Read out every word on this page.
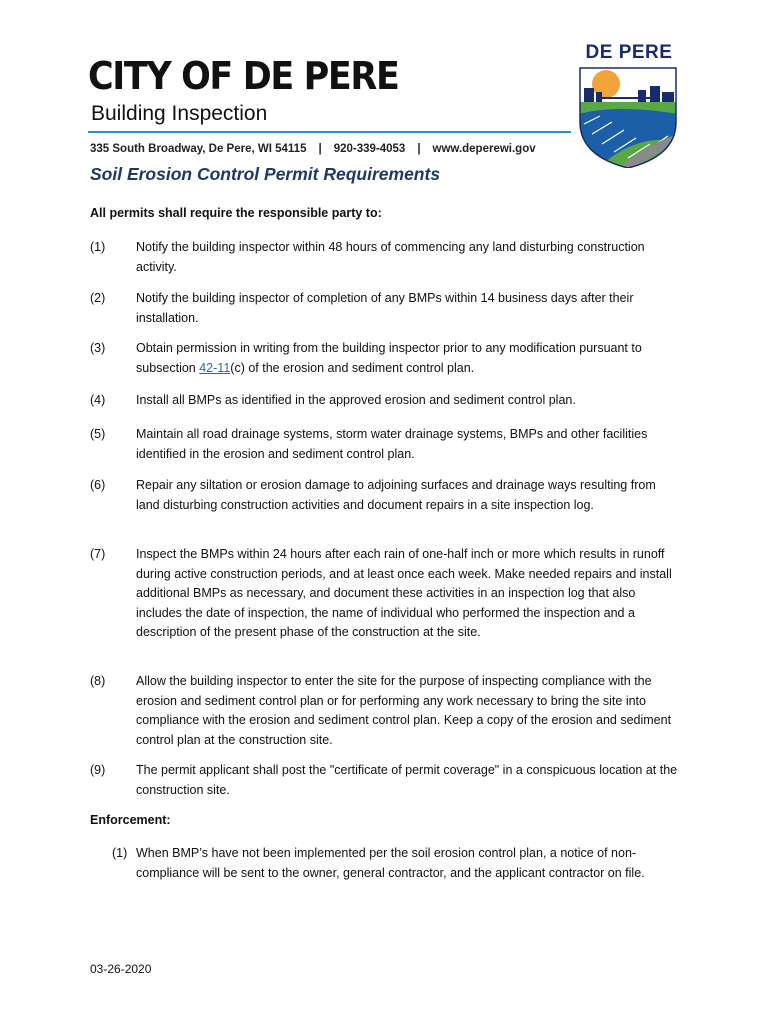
CITY OF DE PERE
Building Inspection
335 South Broadway, De Pere, WI 54115 | 920-339-4053 | www.deperewi.gov
DE PERE
Soil Erosion Control Permit Requirements
All permits shall require the responsible party to:
(1) Notify the building inspector within 48 hours of commencing any land disturbing construction activity.
(2) Notify the building inspector of completion of any BMPs within 14 business days after their installation.
(3) Obtain permission in writing from the building inspector prior to any modification pursuant to subsection 42-11(c) of the erosion and sediment control plan.
(4) Install all BMPs as identified in the approved erosion and sediment control plan.
(5) Maintain all road drainage systems, storm water drainage systems, BMPs and other facilities identified in the erosion and sediment control plan.
(6) Repair any siltation or erosion damage to adjoining surfaces and drainage ways resulting from land disturbing construction activities and document repairs in a site inspection log.
(7) Inspect the BMPs within 24 hours after each rain of one-half inch or more which results in runoff during active construction periods, and at least once each week. Make needed repairs and install additional BMPs as necessary, and document these activities in an inspection log that also includes the date of inspection, the name of individual who performed the inspection and a description of the present phase of the construction at the site.
(8) Allow the building inspector to enter the site for the purpose of inspecting compliance with the erosion and sediment control plan or for performing any work necessary to bring the site into compliance with the erosion and sediment control plan. Keep a copy of the erosion and sediment control plan at the construction site.
(9) The permit applicant shall post the "certificate of permit coverage" in a conspicuous location at the construction site.
Enforcement:
(1) When BMP’s have not been implemented per the soil erosion control plan, a notice of non-compliance will be sent to the owner, general contractor, and the applicant contractor on file.
03-26-2020
